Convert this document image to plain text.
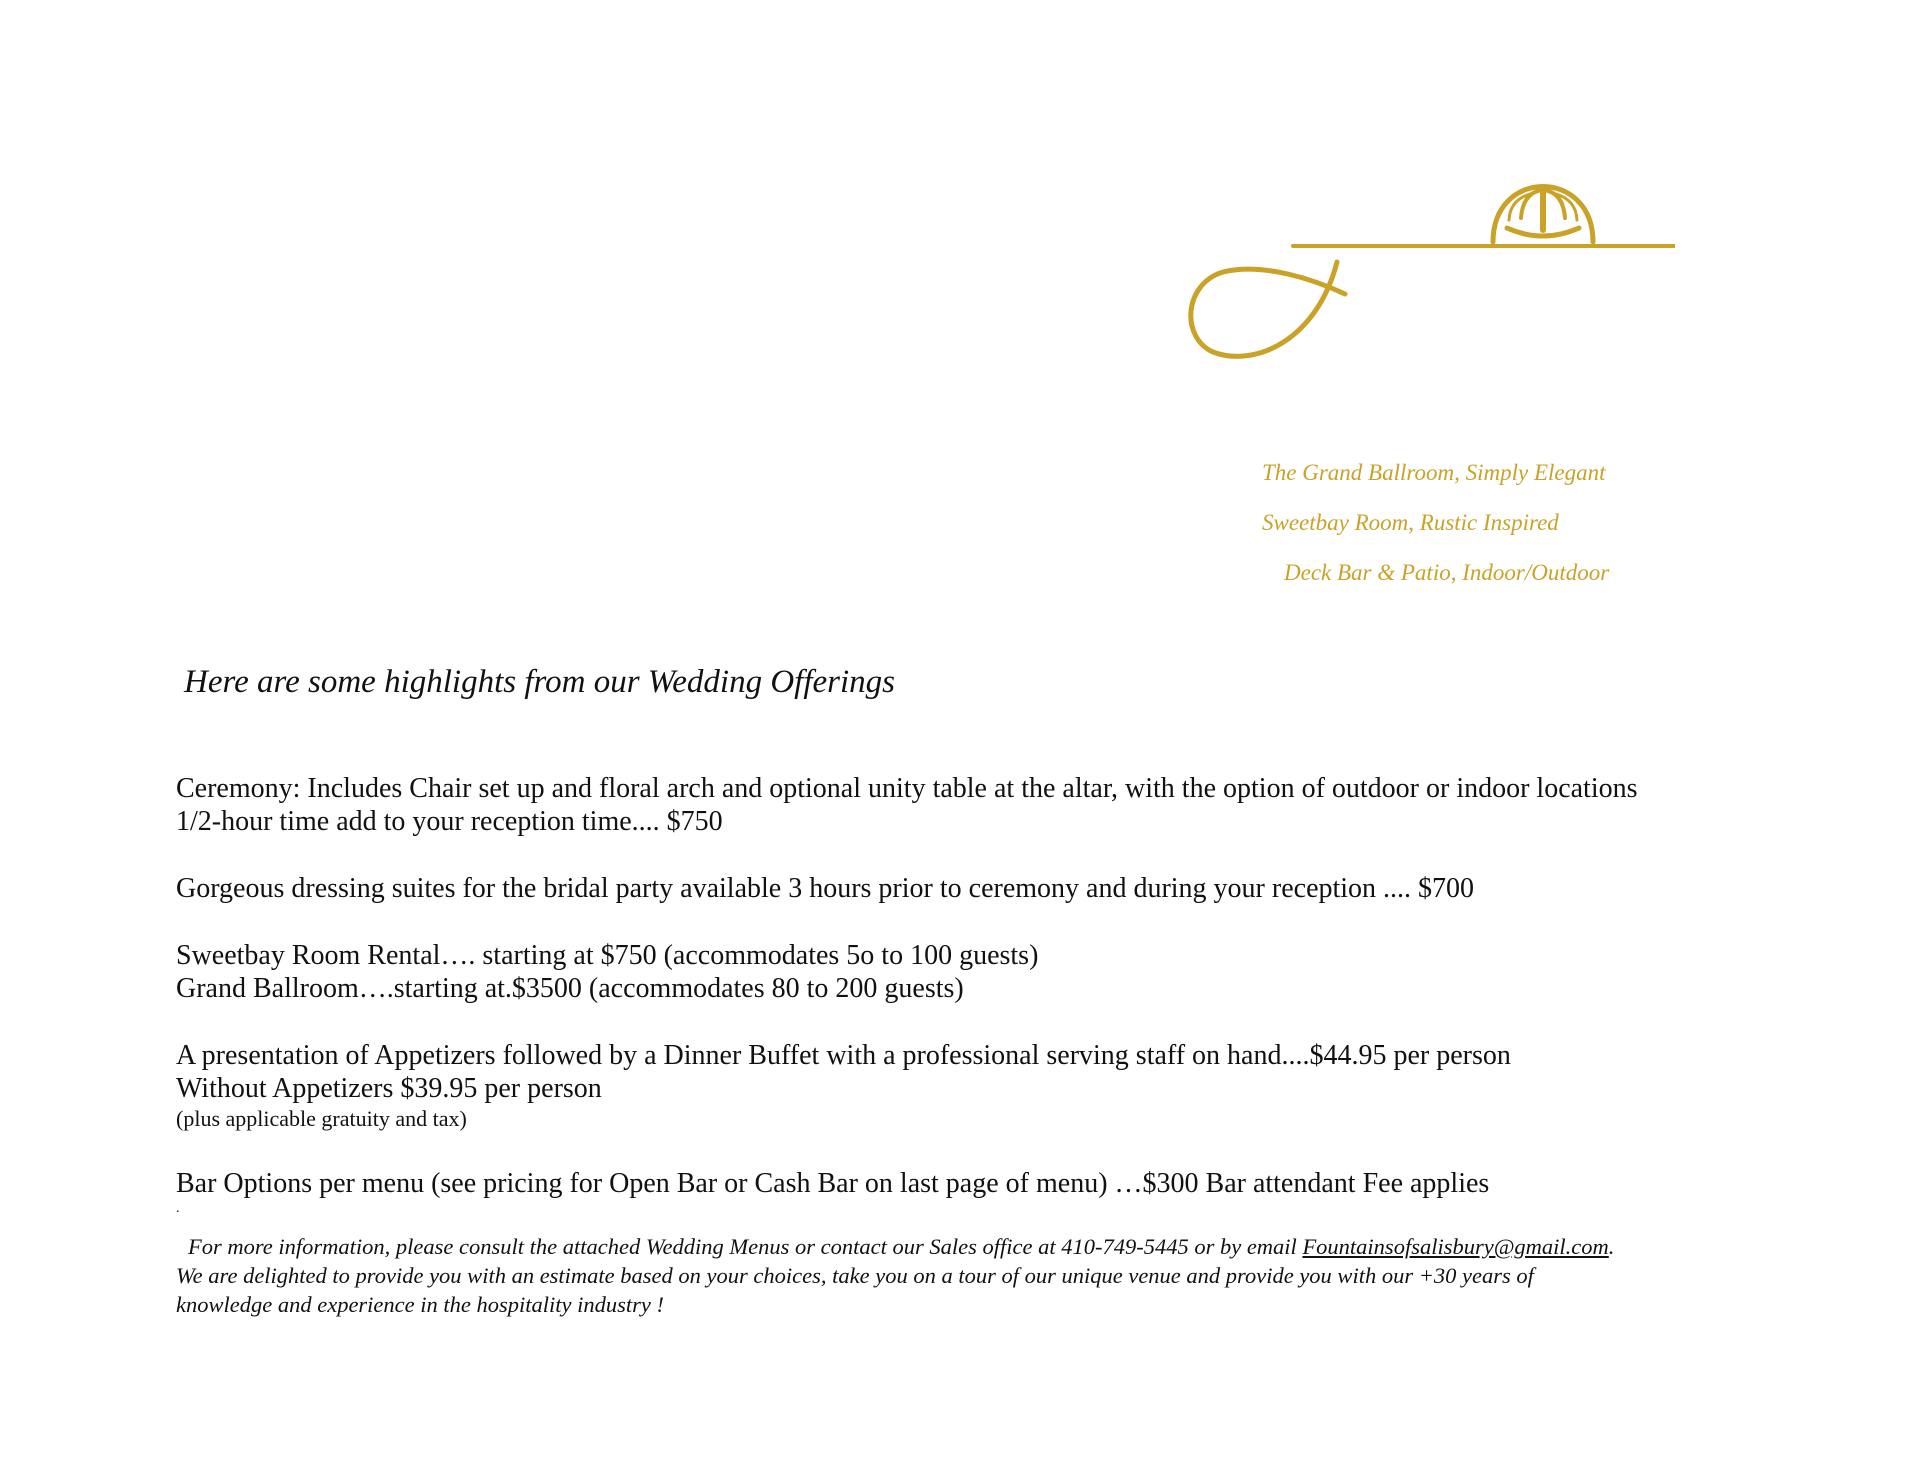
The Grand Ballroom, Simply Elegant
Sweetbay Room, Rustic Inspired
Deck Bar & Patio, Indoor/Outdoor
Here are some highlights from our Wedding Offerings
Ceremony: Includes Chair set up and floral arch and optional unity table at the altar, with the option of outdoor or indoor locations
1/2-hour time add to your reception time.... $750
Gorgeous dressing suites for the bridal party available 3 hours prior to ceremony and during your reception .... $700
Sweetbay Room Rental…. starting at $750 (accommodates 5o to 100 guests)
Grand Ballroom….starting at.$3500 (accommodates 80 to 200 guests)
A presentation of Appetizers followed by a Dinner Buffet with a professional serving staff on hand....$44.95 per person
Without Appetizers $39.95 per person
(plus applicable gratuity and tax)
Bar Options per menu (see pricing for Open Bar or Cash Bar on last page of menu) …$300 Bar attendant Fee applies
.
For more information, please consult the attached Wedding Menus or contact our Sales office at 410-749-5445 or by email Fountainsofsalisbury@gmail.com.
We are delighted to provide you with an estimate based on your choices, take you on a tour of our unique venue and provide you with our +30 years of
knowledge and experience in the hospitality industry !
